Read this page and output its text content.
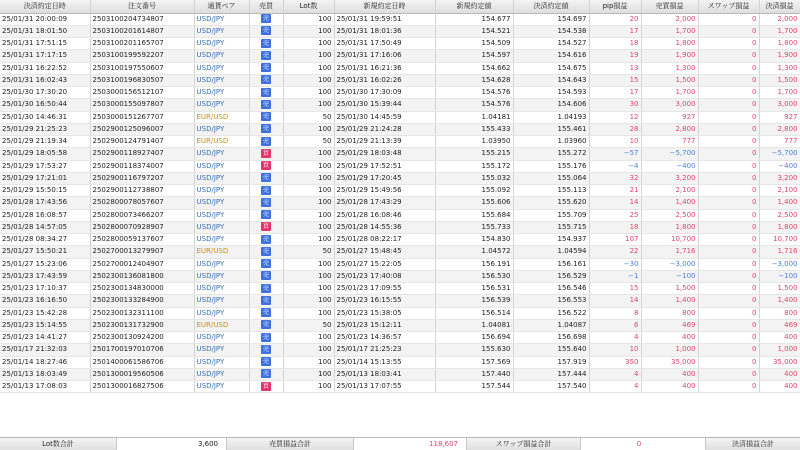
決済約定日時	注文番号	通貨ペア	売買	Lot数	新規約定日時	新規約定値	決済約定値	pip損益	売買損益	スワップ損益	決済損益
25/01/31 20:00:09	2503100204734807	USD/JPY	売	100	25/01/31 19:59:51	154.677	154.697	20	2,000	0	2,000
25/01/31 18:01:50	2503100201614807	USD/JPY	売	100	25/01/31 18:01:36	154.521	154.538	17	1,700	0	1,700
25/01/31 17:51:15	2503100201165707	USD/JPY	売	100	25/01/31 17:50:49	154.509	154.527	18	1,800	0	1,800
25/01/31 17:17:15	2503100199592207	USD/JPY	売	100	25/01/31 17:16:06	154.597	154.616	19	1,900	0	1,900
25/01/31 16:22:52	2503100197550607	USD/JPY	売	100	25/01/31 16:21:36	154.662	154.675	13	1,300	0	1,300
25/01/31 16:02:43	2503100196830507	USD/JPY	売	100	25/01/31 16:02:26	154.628	154.643	15	1,500	0	1,500
25/01/30 17:30:20	2503000156512107	USD/JPY	売	100	25/01/30 17:30:09	154.576	154.593	17	1,700	0	1,700
25/01/30 16:50:44	2503000155097807	USD/JPY	売	100	25/01/30 15:39:44	154.576	154.606	30	3,000	0	3,000
25/01/30 14:46:31	2503000151267707	EUR/USD	売	50	25/01/30 14:45:59	1.04181	1.04193	12	927	0	927
25/01/29 21:25:23	2502900125096007	USD/JPY	売	100	25/01/29 21:24:28	155.433	155.461	28	2,800	0	2,800
25/01/29 21:19:34	2502900124791407	EUR/USD	売	50	25/01/29 21:13:39	1.03950	1.03960	10	777	0	777
25/01/29 18:05:58	2502900118927407	USD/JPY	買	100	25/01/29 18:03:48	155.215	155.272	−57	−5,700	0	−5,700
25/01/29 17:53:27	2502900118374007	USD/JPY	買	100	25/01/29 17:52:51	155.172	155.176	−4	−400	0	−400
25/01/29 17:21:01	2502900116797207	USD/JPY	売	100	25/01/29 17:20:45	155.032	155.064	32	3,200	0	3,200
25/01/29 15:50:15	2502900112738807	USD/JPY	売	100	25/01/29 15:49:56	155.092	155.113	21	2,100	0	2,100
25/01/28 17:43:56	2502800078057607	USD/JPY	売	100	25/01/28 17:43:29	155.606	155.620	14	1,400	0	1,400
25/01/28 16:08:57	2502800073466207	USD/JPY	売	100	25/01/28 16:08:46	155.684	155.709	25	2,500	0	2,500
25/01/28 14:57:05	2502800070928907	USD/JPY	買	100	25/01/28 14:55:36	155.733	155.715	18	1,800	0	1,800
25/01/28 08:34:27	2502800059137607	USD/JPY	売	100	25/01/28 08:22:17	154.830	154.937	107	10,700	0	10,700
25/01/27 15:50:21	2502700013279907	EUR/USD	売	50	25/01/27 15:48:45	1.04572	1.04594	22	1,716	0	1,716
25/01/27 15:23:06	2502700012404907	USD/JPY	売	100	25/01/27 15:22:05	156.191	156.161	−30	−3,000	0	−3,000
25/01/23 17:43:59	2502300136081800	USD/JPY	売	100	25/01/23 17:40:08	156.530	156.529	−1	−100	0	−100
25/01/23 17:10:37	2502300134830000	USD/JPY	売	100	25/01/23 17:09:55	156.531	156.546	15	1,500	0	1,500
25/01/23 16:16:50	2502300133284900	USD/JPY	売	100	25/01/23 16:15:55	156.539	156.553	14	1,400	0	1,400
25/01/23 15:42:28	2502300132311100	USD/JPY	売	100	25/01/23 15:38:05	156.514	156.522	8	800	0	800
25/01/23 15:14:55	2502300131732900	EUR/USD	売	50	25/01/23 15:12:11	1.04081	1.04087	6	469	0	469
25/01/23 14:41:27	2502300130924200	USD/JPY	売	100	25/01/23 14:36:57	156.694	156.698	4	400	0	400
25/01/17 21:32:03	2501700197010706	USD/JPY	売	100	25/01/17 21:25:23	155.630	155.640	10	1,000	0	1,000
25/01/14 18:27:46	2501400061586706	USD/JPY	売	100	25/01/14 15:13:55	157.569	157.919	350	35,000	0	35,000
25/01/13 18:03:49	2501300019560506	USD/JPY	売	100	25/01/13 18:03:41	157.440	157.444	4	400	0	400
25/01/13 17:08:03	2501300016827506	USD/JPY	買	100	25/01/13 17:07:55	157.544	157.540	4	400	0	400
Lot数合計	3,600	売買損益合計	118,607	スワップ損益合計	0	決済損益合計
